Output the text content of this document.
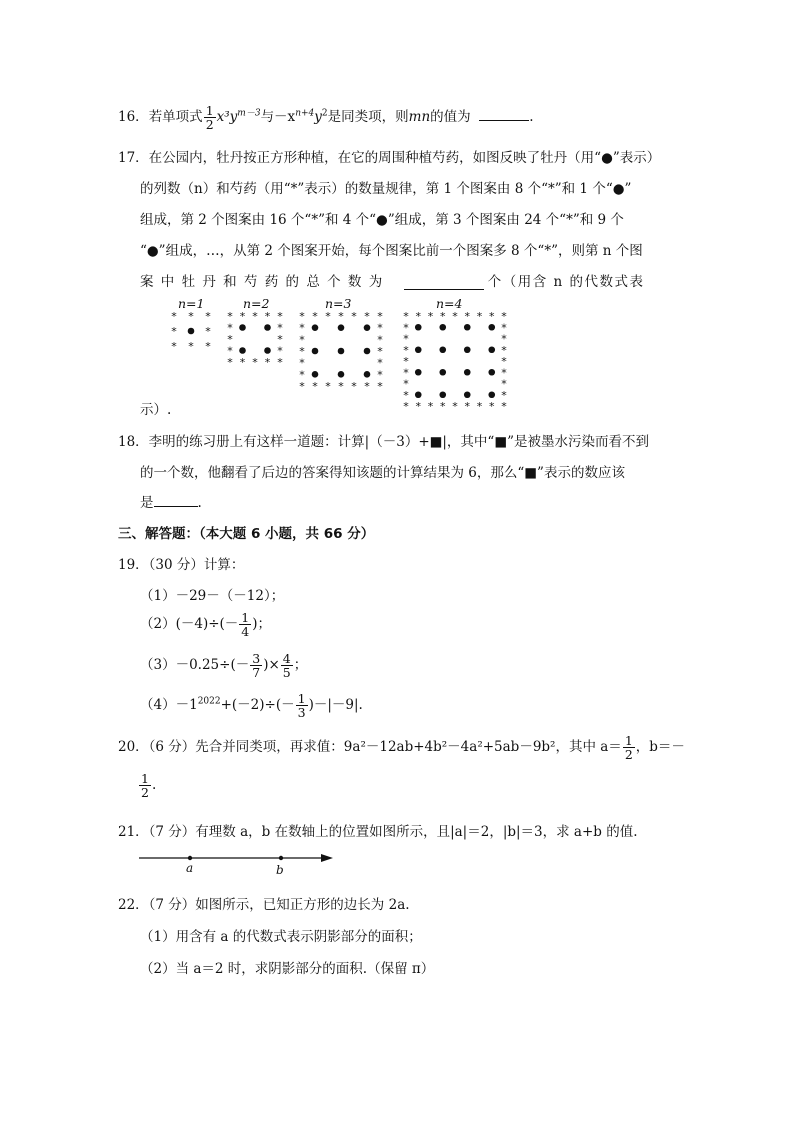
16．若单项式 $\frac{1}{2} x^3y^{m-3}$与$-x^{n+4}y^2$是同类项，则mn的值为	.
17．在公园内，牡丹按正方形种植，在它的周围种植芍药，如图反映了牡丹（用“●”表示）
的列数（n）和芍药（用“*”表示）的数量规律，第 1 个图案由 8 个“*”和 1 个“●”
组成，第 2 个图案由 16 个“*”和 4 个“●”组成，第 3 个图案由 24 个“*”和 9 个
“●”组成，…，从第 2 个图案开始，每个图案比前一个图案多 8 个“*”，则第 n 个图
案 中 牡 丹 和 芍 药 的 总 个 数 为	个（用含 n 的代数式表
n=1	n=2	n=3	n=4
* * *
*	*
* * *
* * * * *
*	*
*	*
*	*
* * * * *
* * * * * * *
*	*
*	*
*	*
*	*
*	*
* * * * * * *
* * * * * * * * *
*	*
*	*
*	*
*	*
*	*
*	*
*	*
* * * * * * * * *
示）.
18．李明的练习册上有这样一道题：计算|（－3）+■|，其中“■”是被墨水污染而看不到
的一个数，他翻看了后边的答案得知该题的计算结果为 6，那么“■”表示的数应该
是	.
三、解答题：（本大题 6 小题，共 66 分）
19．（30 分）计算：
（1）－29－（－12）；
$(2)(-4)\div(- \frac{1}{4}$ )；
$(3)-0.25\div(- \frac{3}{7}$ )× $\frac{4}{5}$ ；
$(4)-1^{2022}+(-2)\div(- \frac{1}{3} )-|-9|$.
20．（6 分）先合并同类项，再求值：9a²－12ab+4b²－4a²+5ab－9b²，其中 $a= \frac{1}{2}$ ，b＝－
$\frac{1}{2}$ .
21．（7 分）有理数 a，b 在数轴上的位置如图所示，且|a|＝2，|b|＝3，求 a+b 的值.
a	b
22．（7 分）如图所示，已知正方形的边长为 2a.
（1）用含有 a 的代数式表示阴影部分的面积；
（2）当 a＝2 时，求阴影部分的面积.（保留 π）
